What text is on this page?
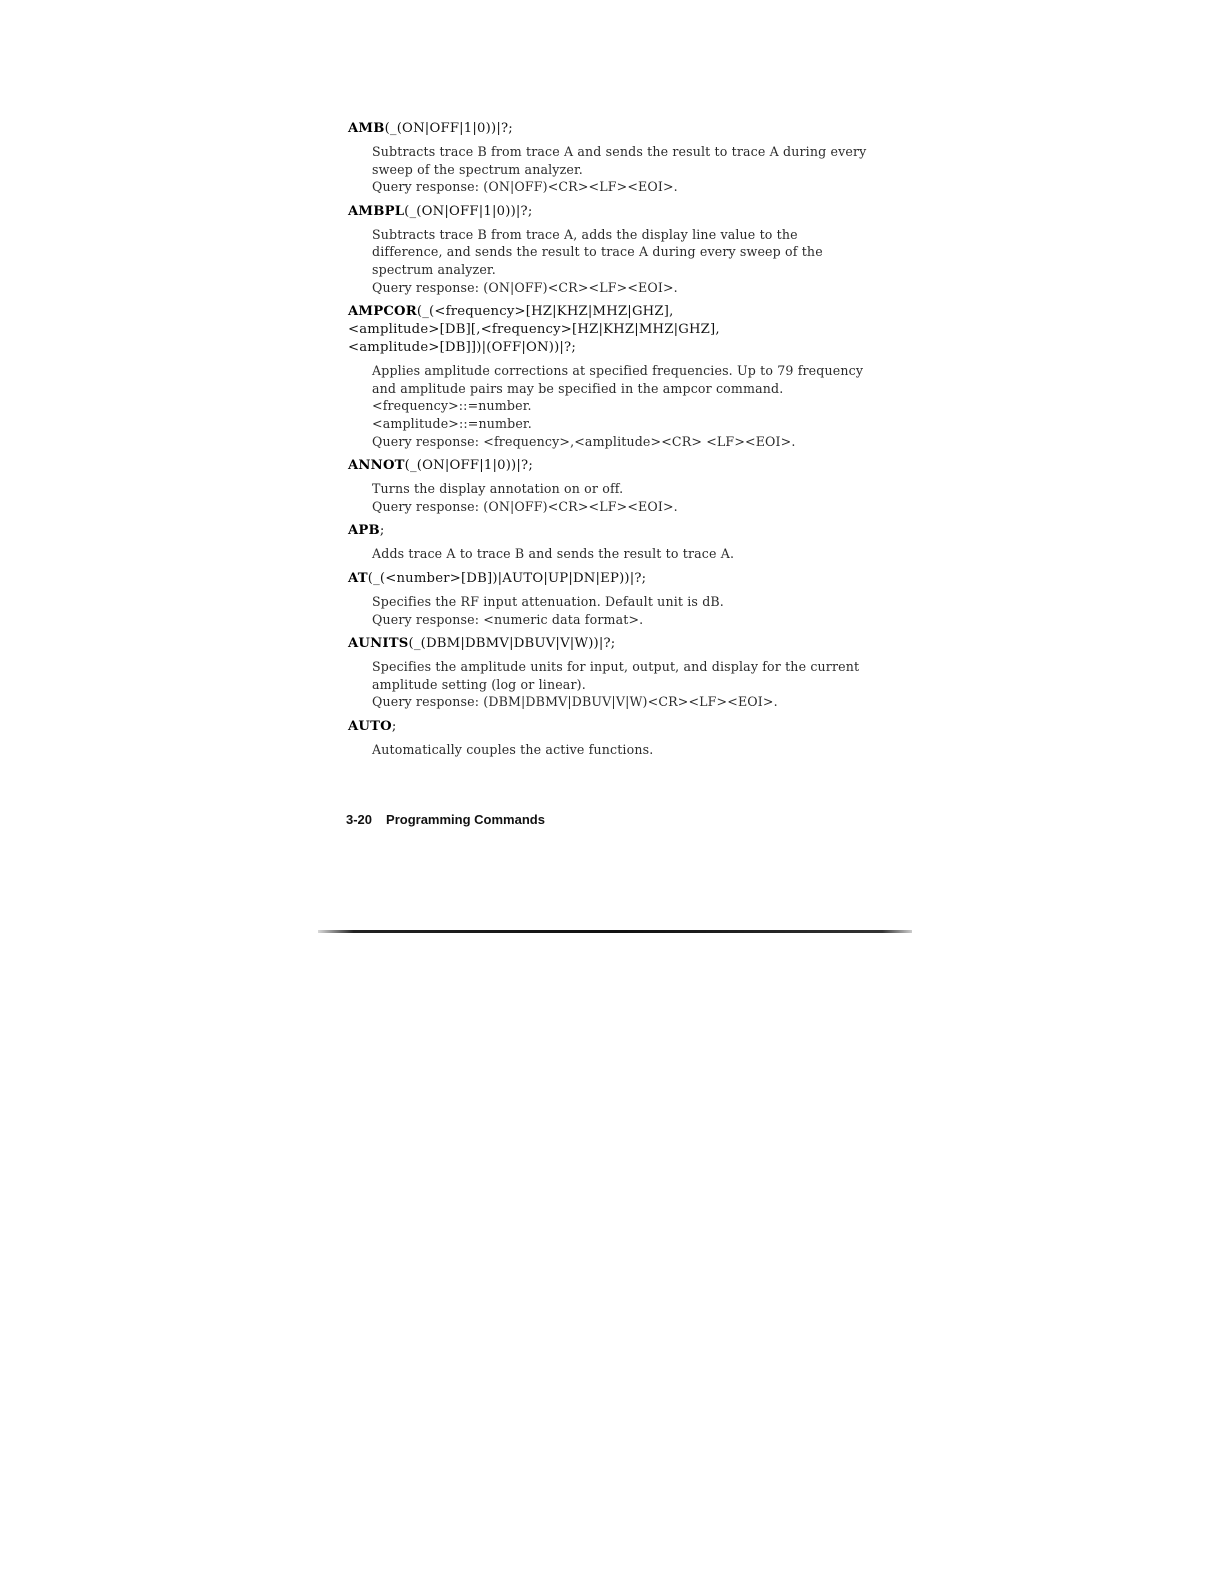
AMB(_(ON|OFF|1|0))|?;
Subtracts trace B from trace A and sends the result to trace A during every
sweep of the spectrum analyzer.
Query response: (ON|OFF)<CR><LF><EOI>.
AMBPL(_(ON|OFF|1|0))|?;
Subtracts trace B from trace A, adds the display line value to the
difference, and sends the result to trace A during every sweep of the
spectrum analyzer.
Query response: (ON|OFF)<CR><LF><EOI>.
AMPCOR(_(<frequency>[HZ|KHZ|MHZ|GHZ],
<amplitude>[DB][,<frequency>[HZ|KHZ|MHZ|GHZ],
<amplitude>[DB]])|(OFF|ON))|?;
Applies amplitude corrections at specified frequencies. Up to 79 frequency
and amplitude pairs may be specified in the ampcor command.
<frequency>::=number.
<amplitude>::=number.
Query response: <frequency>,<amplitude><CR> <LF><EOI>.
ANNOT(_(ON|OFF|1|0))|?;
Turns the display annotation on or off.
Query response: (ON|OFF)<CR><LF><EOI>.
APB;
Adds trace A to trace B and sends the result to trace A.
AT(_(<number>[DB])|AUTO|UP|DN|EP))|?;
Specifies the RF input attenuation. Default unit is dB.
Query response: <numeric data format>.
AUNITS(_(DBM|DBMV|DBUV|V|W))|?;
Specifies the amplitude units for input, output, and display for the current
amplitude setting (log or linear).
Query response: (DBM|DBMV|DBUV|V|W)<CR><LF><EOI>.
AUTO;
Automatically couples the active functions.
3-20 Programming Commands
